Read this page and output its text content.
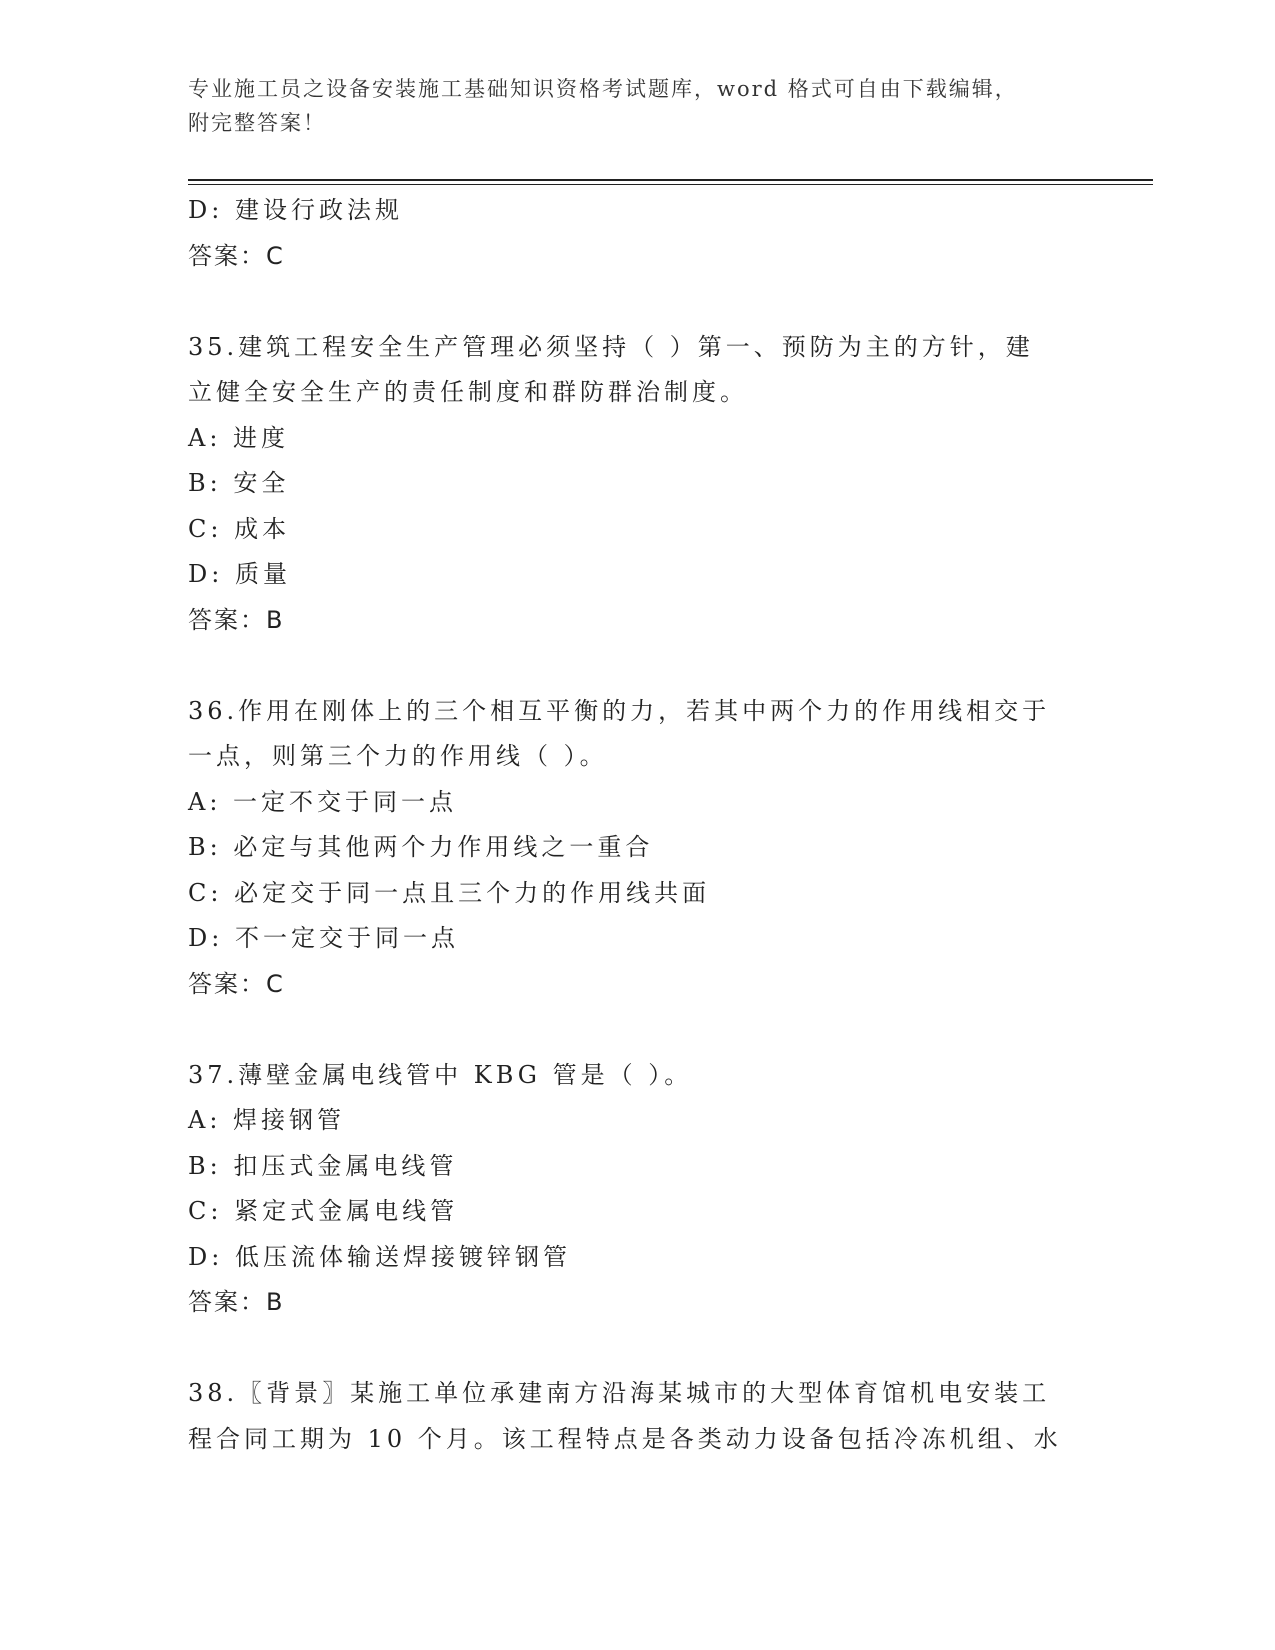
专业施工员之设备安装施工基础知识资格考试题库，word 格式可自由下载编辑，
附完整答案！
D: 建设行政法规
答案：C
35.建筑工程安全生产管理必须坚持（ ）第一、预防为主的方针，建
立健全安全生产的责任制度和群防群治制度。
A: 进度
B: 安全
C: 成本
D: 质量
答案：B
36.作用在刚体上的三个相互平衡的力，若其中两个力的作用线相交于
一点，则第三个力的作用线（ ）。
A: 一定不交于同一点
B: 必定与其他两个力作用线之一重合
C: 必定交于同一点且三个力的作用线共面
D: 不一定交于同一点
答案：C
37.薄壁金属电线管中 KBG 管是（ ）。
A: 焊接钢管
B: 扣压式金属电线管
C: 紧定式金属电线管
D: 低压流体输送焊接镀锌钢管
答案：B
38.〖背景〗某施工单位承建南方沿海某城市的大型体育馆机电安装工
程合同工期为 10 个月。该工程特点是各类动力设备包括冷冻机组、水
